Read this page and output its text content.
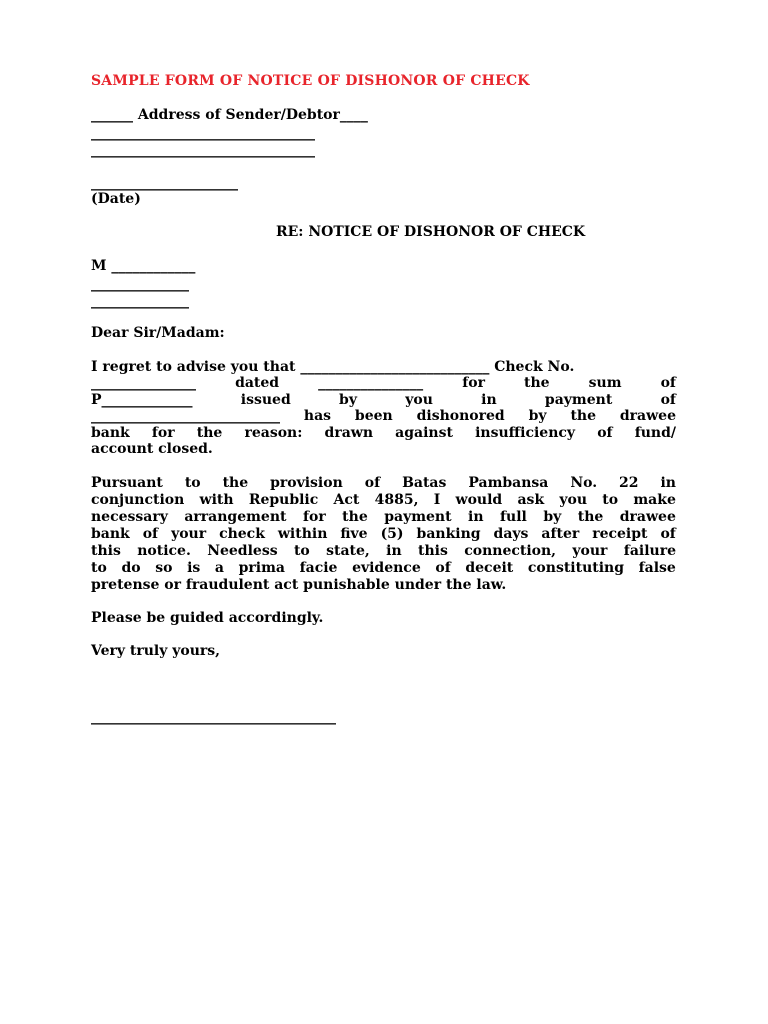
SAMPLE FORM OF NOTICE OF DISHONOR OF CHECK
______ Address of Sender/Debtor____
________________________________
________________________________
_____________________
(Date)
RE: NOTICE OF DISHONOR OF CHECK
M ____________
______________
______________
Dear Sir/Madam:
I regret to advise you that ___________________________ Check No.
_______________	dated	_______________	for	the	sum	of
P_____________	issued	by	you	in	payment	of
___________________________ has been dishonored by the drawee
bank for the reason: drawn against insufficiency of fund/
account closed.
Pursuant to the provision of Batas Pambansa No. 22 in
conjunction with Republic Act 4885, I would ask you to make
necessary arrangement for the payment in full by the drawee
bank of your check within five (5) banking days after receipt of
this notice. Needless to state, in this connection, your failure
to do so is a prima facie evidence of deceit constituting false
pretense or fraudulent act punishable under the law.
Please be guided accordingly.
Very truly yours,
___________________________________
